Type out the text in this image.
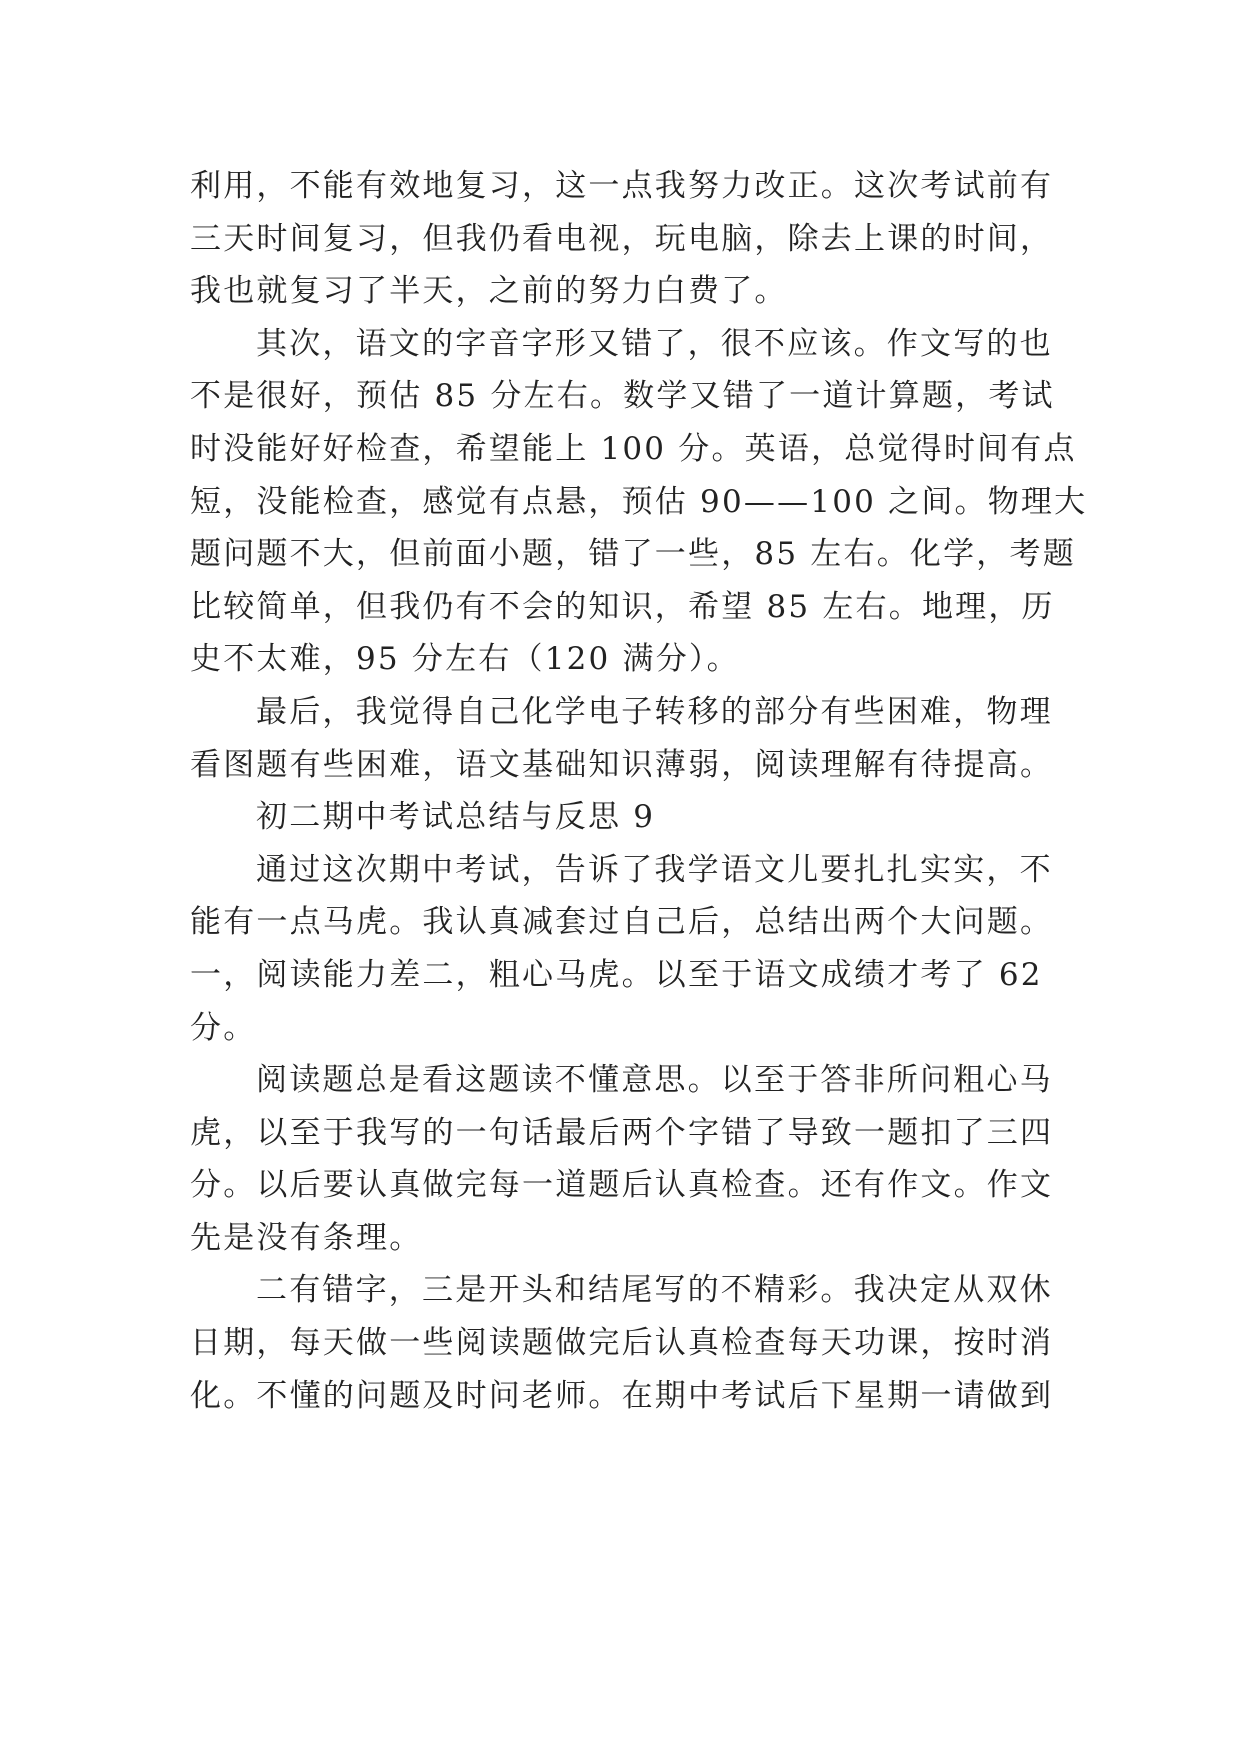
利用，不能有效地复习，这一点我努力改正。这次考试前有
三天时间复习，但我仍看电视，玩电脑，除去上课的时间，
我也就复习了半天，之前的努力白费了。
其次，语文的字音字形又错了，很不应该。作文写的也
不是很好，预估 85 分左右。数学又错了一道计算题，考试
时没能好好检查，希望能上 100 分。英语，总觉得时间有点
短，没能检查，感觉有点悬，预估 90——100 之间。物理大
题问题不大，但前面小题，错了一些，85 左右。化学，考题
比较简单，但我仍有不会的知识，希望 85 左右。地理，历
史不太难，95 分左右（120 满分）。
最后，我觉得自己化学电子转移的部分有些困难，物理
看图题有些困难，语文基础知识薄弱，阅读理解有待提高。
初二期中考试总结与反思 9
通过这次期中考试，告诉了我学语文儿要扎扎实实，不
能有一点马虎。我认真减套过自己后，总结出两个大问题。
一，阅读能力差二，粗心马虎。以至于语文成绩才考了 62
分。
阅读题总是看这题读不懂意思。以至于答非所问粗心马
虎，以至于我写的一句话最后两个字错了导致一题扣了三四
分。以后要认真做完每一道题后认真检查。还有作文。作文
先是没有条理。
二有错字，三是开头和结尾写的不精彩。我决定从双休
日期，每天做一些阅读题做完后认真检查每天功课，按时消
化。不懂的问题及时问老师。在期中考试后下星期一请做到
